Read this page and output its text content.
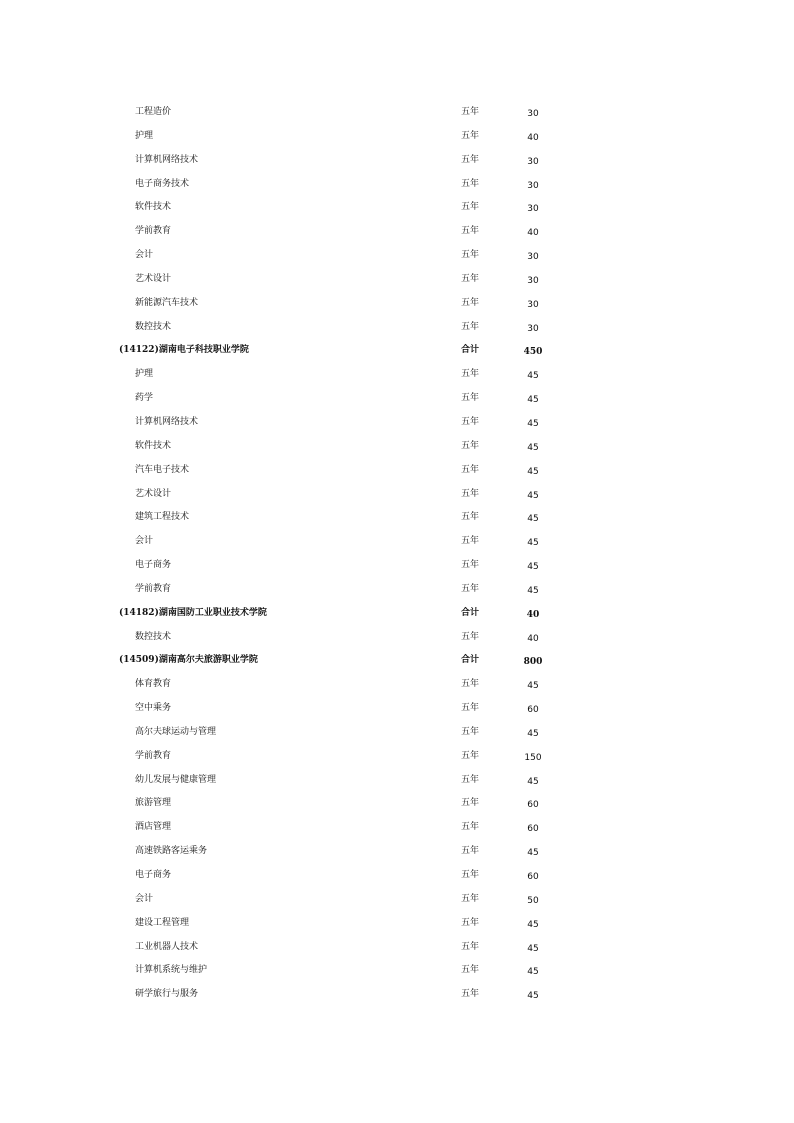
工程造价	五年	30
护理	五年	40
计算机网络技术	五年	30
电子商务技术	五年	30
软件技术	五年	30
学前教育	五年	40
会计	五年	30
艺术设计	五年	30
新能源汽车技术	五年	30
数控技术	五年	30
(14122)湖南电子科技职业学院	合计	450
护理	五年	45
药学	五年	45
计算机网络技术	五年	45
软件技术	五年	45
汽车电子技术	五年	45
艺术设计	五年	45
建筑工程技术	五年	45
会计	五年	45
电子商务	五年	45
学前教育	五年	45
(14182)湖南国防工业职业技术学院	合计	40
数控技术	五年	40
(14509)湖南高尔夫旅游职业学院	合计	800
体育教育	五年	45
空中乘务	五年	60
高尔夫球运动与管理	五年	45
学前教育	五年	150
幼儿发展与健康管理	五年	45
旅游管理	五年	60
酒店管理	五年	60
高速铁路客运乘务	五年	45
电子商务	五年	60
会计	五年	50
建设工程管理	五年	45
工业机器人技术	五年	45
计算机系统与维护	五年	45
研学旅行与服务	五年	45
